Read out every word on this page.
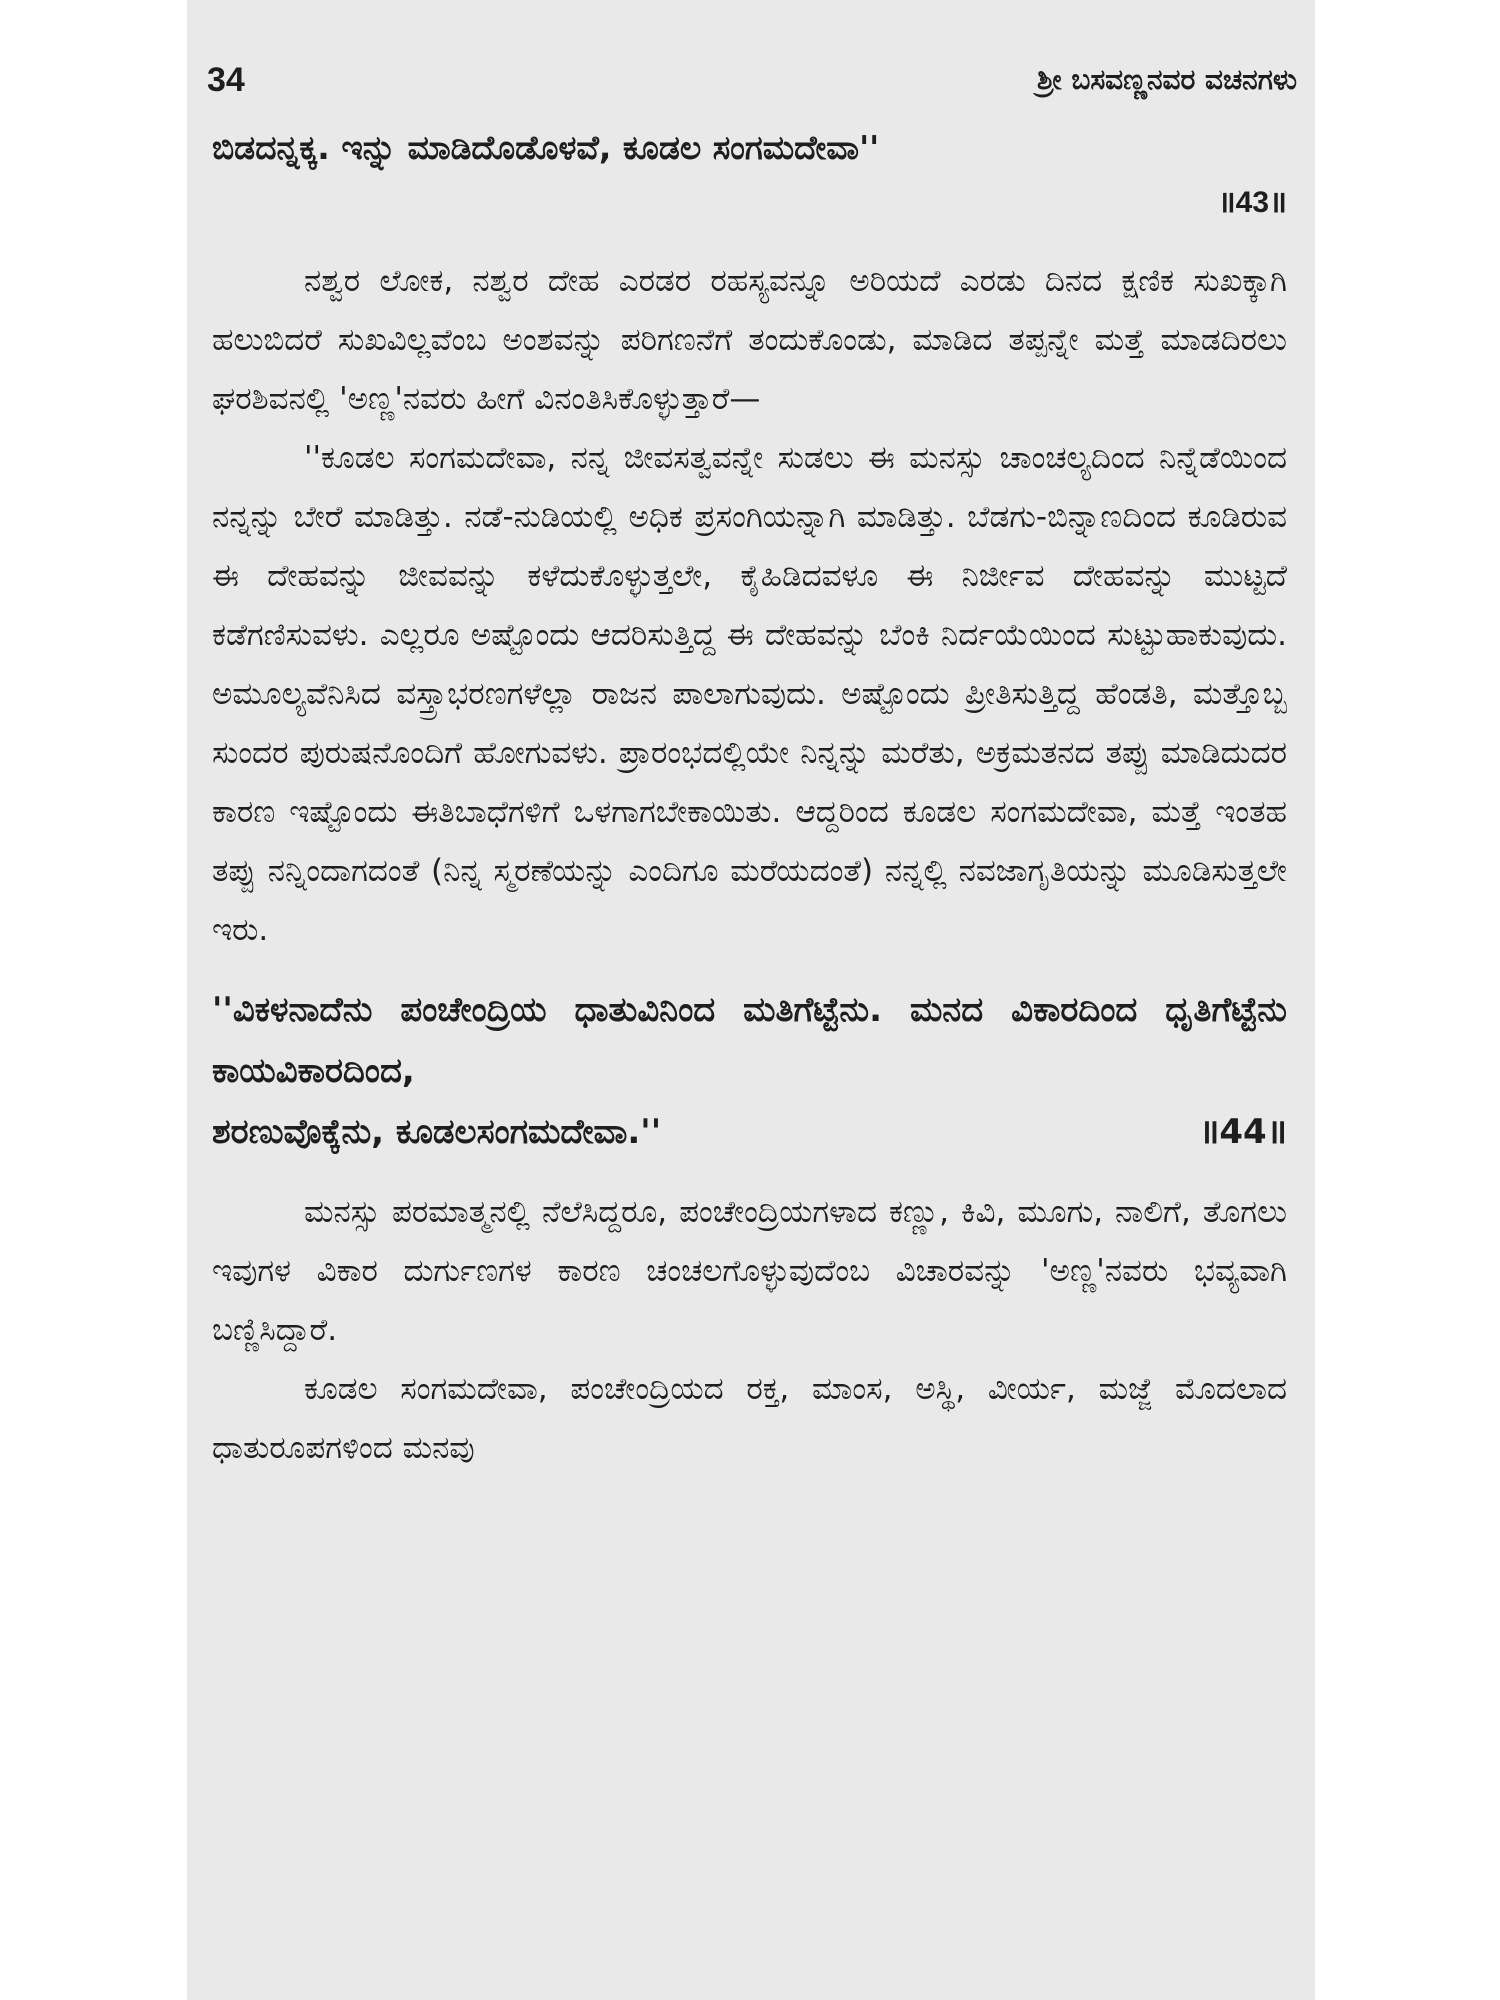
34	ಶ್ರೀ ಬಸವಣ್ಣನವರ ವಚನಗಳು

ಬಿಡದನ್ನಕ್ಕ. ಇನ್ನು ಮಾಡಿದೊಡೊಳವೆ, ಕೂಡಲ ಸಂಗಮದೇವಾ''

॥43॥

ನಶ್ವರ ಲೋಕ, ನಶ್ವರ ದೇಹ ಎರಡರ ರಹಸ್ಯವನ್ನೂ ಅರಿಯದೆ ಎರಡು ದಿನದ ಕ್ಷಣಿಕ ಸುಖಕ್ಕಾಗಿ ಹಲುಬಿದರೆ ಸುಖವಿಲ್ಲವೆಂಬ ಅಂಶವನ್ನು ಪರಿಗಣನೆಗೆ ತಂದುಕೊಂಡು, ಮಾಡಿದ ತಪ್ಪನ್ನೇ ಮತ್ತೆ ಮಾಡದಿರಲು ಘರಶಿವನಲ್ಲಿ 'ಅಣ್ಣ'ನವರು ಹೀಗೆ ವಿನಂತಿಸಿಕೊಳ್ಳುತ್ತಾರೆ—

''ಕೂಡಲ ಸಂಗಮದೇವಾ, ನನ್ನ ಜೀವಸತ್ವವನ್ನೇ ಸುಡಲು ಈ ಮನಸ್ಸು ಚಾಂಚಲ್ಯದಿಂದ ನಿನ್ನೆಡೆಯಿಂದ ನನ್ನನ್ನು ಬೇರೆ ಮಾಡಿತ್ತು. ನಡೆ-ನುಡಿಯಲ್ಲಿ ಅಧಿಕ ಪ್ರಸಂಗಿಯನ್ನಾಗಿ ಮಾಡಿತ್ತು. ಬೆಡಗು-ಬಿನ್ನಾಣದಿಂದ ಕೂಡಿರುವ ಈ ದೇಹವನ್ನು ಜೀವವನ್ನು ಕಳೆದುಕೊಳ್ಳುತ್ತಲೇ, ಕೈಹಿಡಿದವಳೂ ಈ ನಿರ್ಜೀವ ದೇಹವನ್ನು ಮುಟ್ಟದೆ ಕಡೆಗಣಿಸುವಳು. ಎಲ್ಲರೂ ಅಷ್ಟೊಂದು ಆದರಿಸುತ್ತಿದ್ದ ಈ ದೇಹವನ್ನು ಬೆಂಕಿ ನಿರ್ದಯೆಯಿಂದ ಸುಟ್ಟುಹಾಕುವುದು. ಅಮೂಲ್ಯವೆನಿಸಿದ ವಸ್ತ್ರಾಭರಣಗಳೆಲ್ಲಾ ರಾಜನ ಪಾಲಾಗುವುದು. ಅಷ್ಟೊಂದು ಪ್ರೀತಿಸುತ್ತಿದ್ದ ಹೆಂಡತಿ, ಮತ್ತೊಬ್ಬ ಸುಂದರ ಪುರುಷನೊಂದಿಗೆ ಹೋಗುವಳು. ಪ್ರಾರಂಭದಲ್ಲಿಯೇ ನಿನ್ನನ್ನು ಮರೆತು, ಅಕ್ರಮತನದ ತಪ್ಪು ಮಾಡಿದುದರ ಕಾರಣ ಇಷ್ಟೊಂದು ಈತಿಬಾಧೆಗಳಿಗೆ ಒಳಗಾಗಬೇಕಾಯಿತು. ಆದ್ದರಿಂದ ಕೂಡಲ ಸಂಗಮದೇವಾ, ಮತ್ತೆ ಇಂತಹ ತಪ್ಪು ನನ್ನಿಂದಾಗದಂತೆ (ನಿನ್ನ ಸ್ಮರಣೆಯನ್ನು ಎಂದಿಗೂ ಮರೆಯದಂತೆ) ನನ್ನಲ್ಲಿ ನವಜಾಗೃತಿಯನ್ನು ಮೂಡಿಸುತ್ತಲೇ ಇರು.

''ವಿಕಳನಾದೆನು ಪಂಚೇಂದ್ರಿಯ ಧಾತುವಿನಿಂದ ಮತಿಗೆಟ್ಟೆನು. ಮನದ ವಿಕಾರದಿಂದ ಧೃತಿಗೆಟ್ಟೆನು ಕಾಯವಿಕಾರದಿಂದ,

ಶರಣುವೊಕ್ಕೆನು, ಕೂಡಲಸಂಗಮದೇವಾ.''	॥44॥

ಮನಸ್ಸು ಪರಮಾತ್ಮನಲ್ಲಿ ನೆಲೆಸಿದ್ದರೂ, ಪಂಚೇಂದ್ರಿಯಗಳಾದ ಕಣ್ಣು, ಕಿವಿ, ಮೂಗು, ನಾಲಿಗೆ, ತೊಗಲು ಇವುಗಳ ವಿಕಾರ ದುರ್ಗುಣಗಳ ಕಾರಣ ಚಂಚಲಗೊಳ್ಳುವುದೆಂಬ ವಿಚಾರವನ್ನು 'ಅಣ್ಣ'ನವರು ಭವ್ಯವಾಗಿ ಬಣ್ಣಿಸಿದ್ದಾರೆ.

ಕೂಡಲ ಸಂಗಮದೇವಾ, ಪಂಚೇಂದ್ರಿಯದ ರಕ್ತ, ಮಾಂಸ, ಅಸ್ಥಿ, ವೀರ್ಯ, ಮಜ್ಜೆ ಮೊದಲಾದ ಧಾತುರೂಪಗಳಿಂದ ಮನವು
